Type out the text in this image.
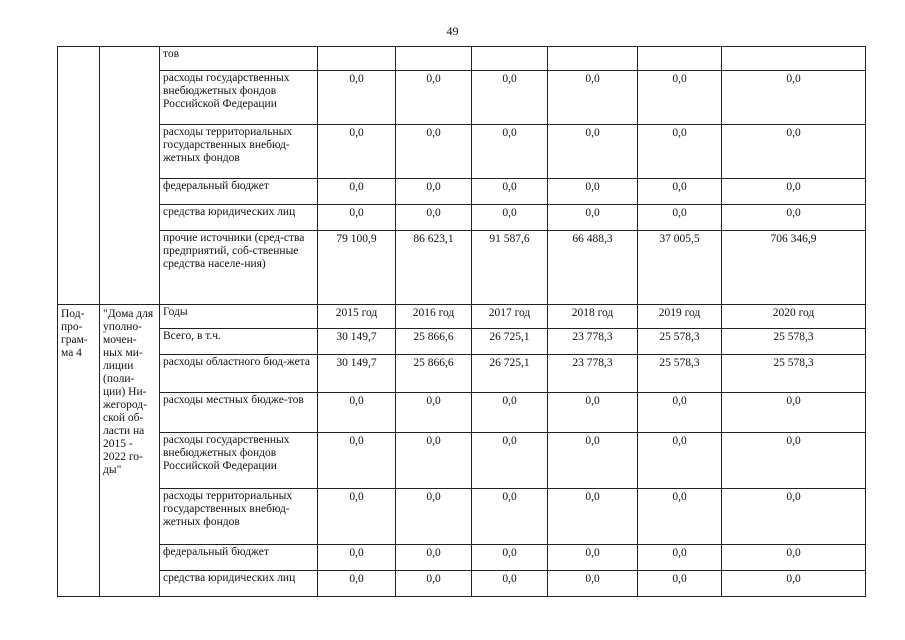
49
		тов						
		расходы государственных внебюджетных фондов Российской Федерации	0,0	0,0	0,0	0,0	0,0	0,0
		расходы территориальных государственных внебюд-жетных фондов	0,0	0,0	0,0	0,0	0,0	0,0
		федеральный бюджет	0,0	0,0	0,0	0,0	0,0	0,0
		средства юридических лиц	0,0	0,0	0,0	0,0	0,0	0,0
		прочие источники (сред-ства предприятий, соб-ственные средства населе-ния)	79 100,9	86 623,1	91 587,6	66 488,3	37 005,5	706 346,9
Под-про-грам-ма 4	"Дома для уполно-мочен-ных ми-лиции (поли-ции) Ни-жегород-ской об-ласти на 2015 - 2022 го-ды"	Годы	2015 год	2016 год	2017 год	2018 год	2019 год	2020 год
		Всего, в т.ч.	30 149,7	25 866,6	26 725,1	23 778,3	25 578,3	25 578,3
		расходы областного бюд-жета	30 149,7	25 866,6	26 725,1	23 778,3	25 578,3	25 578,3
		расходы местных бюдже-тов	0,0	0,0	0,0	0,0	0,0	0,0
		расходы государственных внебюджетных фондов Российской Федерации	0,0	0,0	0,0	0,0	0,0	0,0
		расходы территориальных государственных внебюд-жетных фондов	0,0	0,0	0,0	0,0	0,0	0,0
		федеральный бюджет	0,0	0,0	0,0	0,0	0,0	0,0
		средства юридических лиц	0,0	0,0	0,0	0,0	0,0	0,0
